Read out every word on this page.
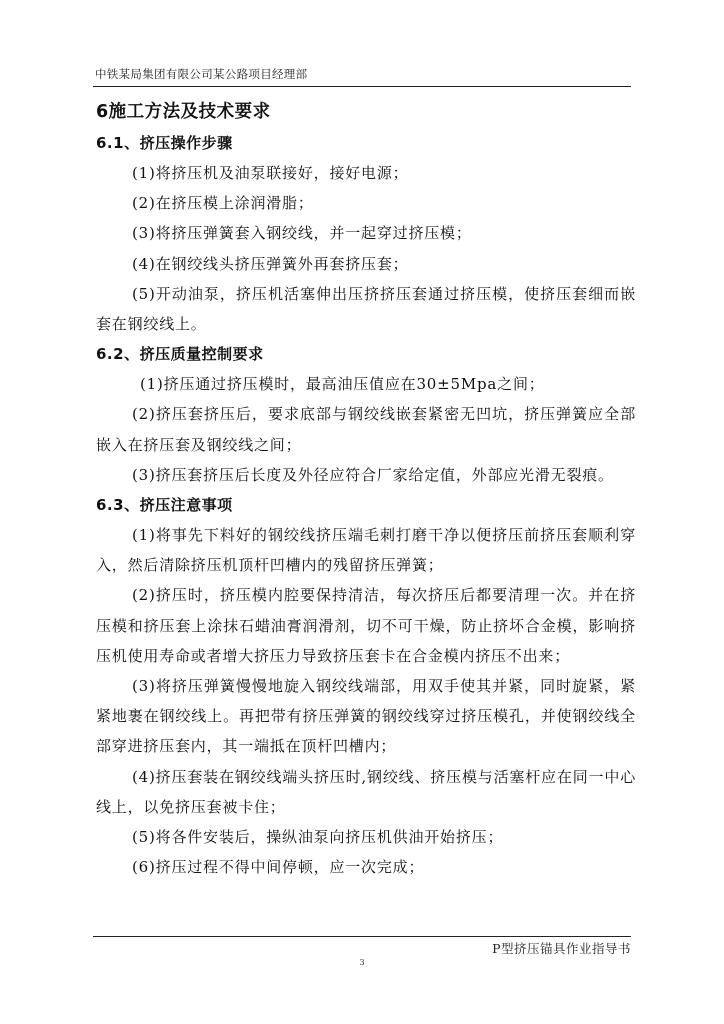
中铁某局集团有限公司某公路项目经理部
6施工方法及技术要求
6.1、挤压操作步骤

(1)将挤压机及油泵联接好，接好电源；

(2)在挤压模上涂润滑脂；

(3)将挤压弹簧套入钢绞线，并一起穿过挤压模；

(4)在钢绞线头挤压弹簧外再套挤压套；

(5)开动油泵，挤压机活塞伸出压挤挤压套通过挤压模，使挤压套细而嵌套在钢绞线上。

6.2、挤压质量控制要求

(1)挤压通过挤压模时，最高油压值应在30±5Mpa之间；

(2)挤压套挤压后，要求底部与钢绞线嵌套紧密无凹坑，挤压弹簧应全部嵌入在挤压套及钢绞线之间；

(3)挤压套挤压后长度及外径应符合厂家给定值，外部应光滑无裂痕。

6.3、挤压注意事项

(1)将事先下料好的钢绞线挤压端毛刺打磨干净以便挤压前挤压套顺利穿入，然后清除挤压机顶杆凹槽内的残留挤压弹簧；

(2)挤压时，挤压模内腔要保持清洁，每次挤压后都要清理一次。并在挤压模和挤压套上涂抹石蜡油膏润滑剂，切不可干燥，防止挤坏合金模，影响挤压机使用寿命或者增大挤压力导致挤压套卡在合金模内挤压不出来；

(3)将挤压弹簧慢慢地旋入钢绞线端部，用双手使其并紧，同时旋紧，紧紧地裹在钢绞线上。再把带有挤压弹簧的钢绞线穿过挤压模孔，并使钢绞线全部穿进挤压套内，其一端抵在顶杆凹槽内；

(4)挤压套装在钢绞线端头挤压时,钢绞线、挤压模与活塞杆应在同一中心线上，以免挤压套被卡住；

(5)将各件安装后，操纵油泵向挤压机供油开始挤压；

(6)挤压过程不得中间停顿，应一次完成；

P型挤压锚具作业指导书
3
